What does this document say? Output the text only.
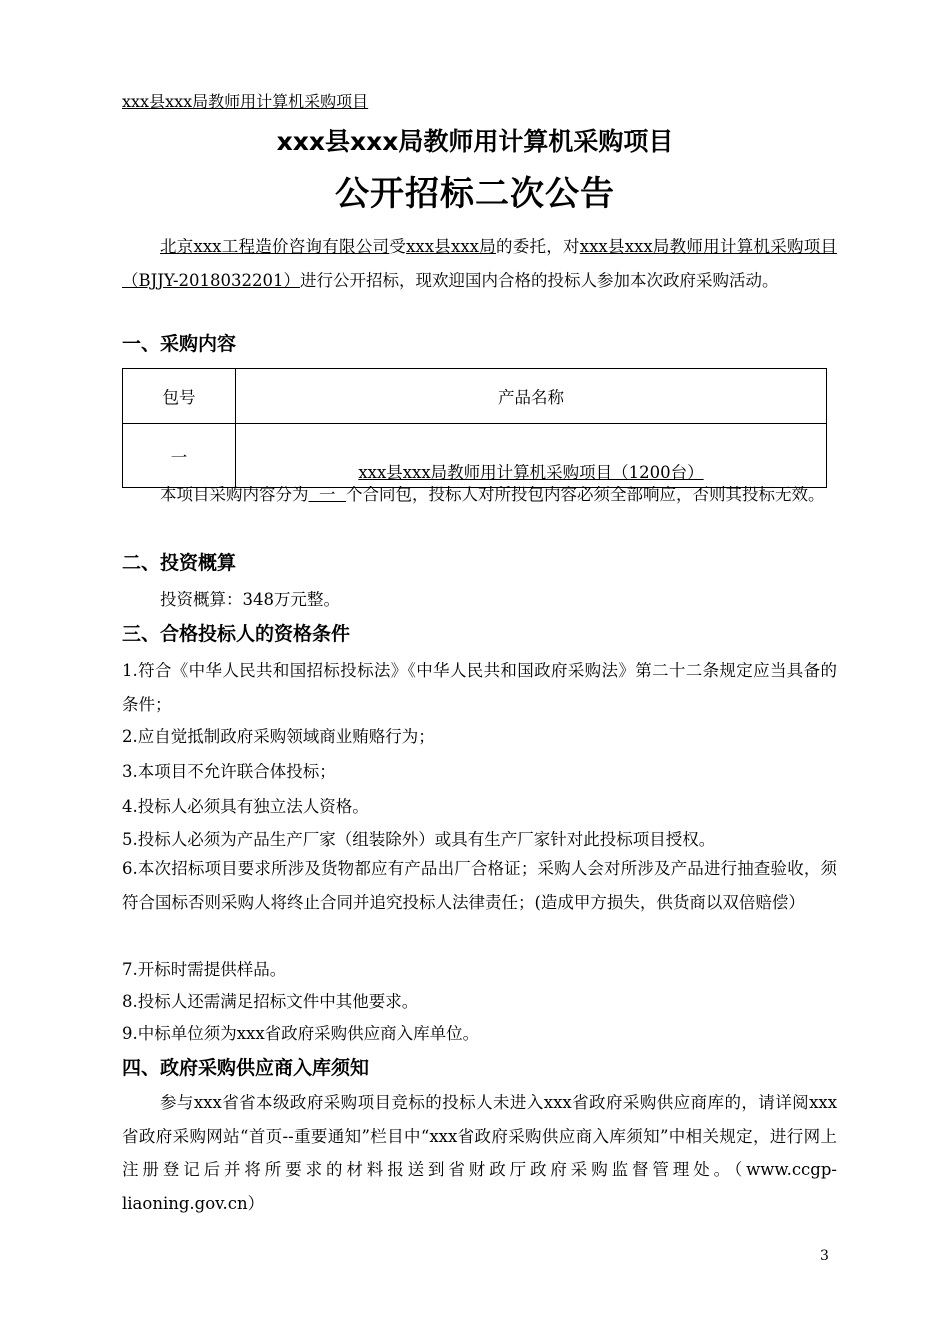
xxx县xxx局教师用计算机采购项目
xxx县xxx局教师用计算机采购项目
公开招标二次公告
北京xxx工程造价咨询有限公司受xxx县xxx局的委托，对xxx县xxx局教师用计算机采购项目（BJJY-2018032201）进行公开招标，现欢迎国内合格的投标人参加本次政府采购活动。
一、采购内容
包号	产品名称
一	xxx县xxx局教师用计算机采购项目（1200台）
本项目采购内容分为  一  个合同包，投标人对所投包内容必须全部响应，否则其投标无效。
二、投资概算
投资概算：348万元整。
三、合格投标人的资格条件
1.符合《中华人民共和国招标投标法》《中华人民共和国政府采购法》第二十二条规定应当具备的条件；
2.应自觉抵制政府采购领域商业贿赂行为；
3.本项目不允许联合体投标；
4.投标人必须具有独立法人资格。
5.投标人必须为产品生产厂家（组装除外）或具有生产厂家针对此投标项目授权。
6.本次招标项目要求所涉及货物都应有产品出厂合格证；采购人会对所涉及产品进行抽查验收，须符合国标否则采购人将终止合同并追究投标人法律责任；(造成甲方损失，供货商以双倍赔偿）
7.开标时需提供样品。
8.投标人还需满足招标文件中其他要求。
9.中标单位须为xxx省政府采购供应商入库单位。
四、政府采购供应商入库须知
参与xxx省省本级政府采购项目竞标的投标人未进入xxx省政府采购供应商库的，请详阅xxx省政府采购网站“首页--重要通知”栏目中“xxx省政府采购供应商入库须知”中相关规定，进行网上注册登记后并将所要求的材料报送到省财政厅政府采购监督管理处。（www.ccgp-liaoning.gov.cn）
3
